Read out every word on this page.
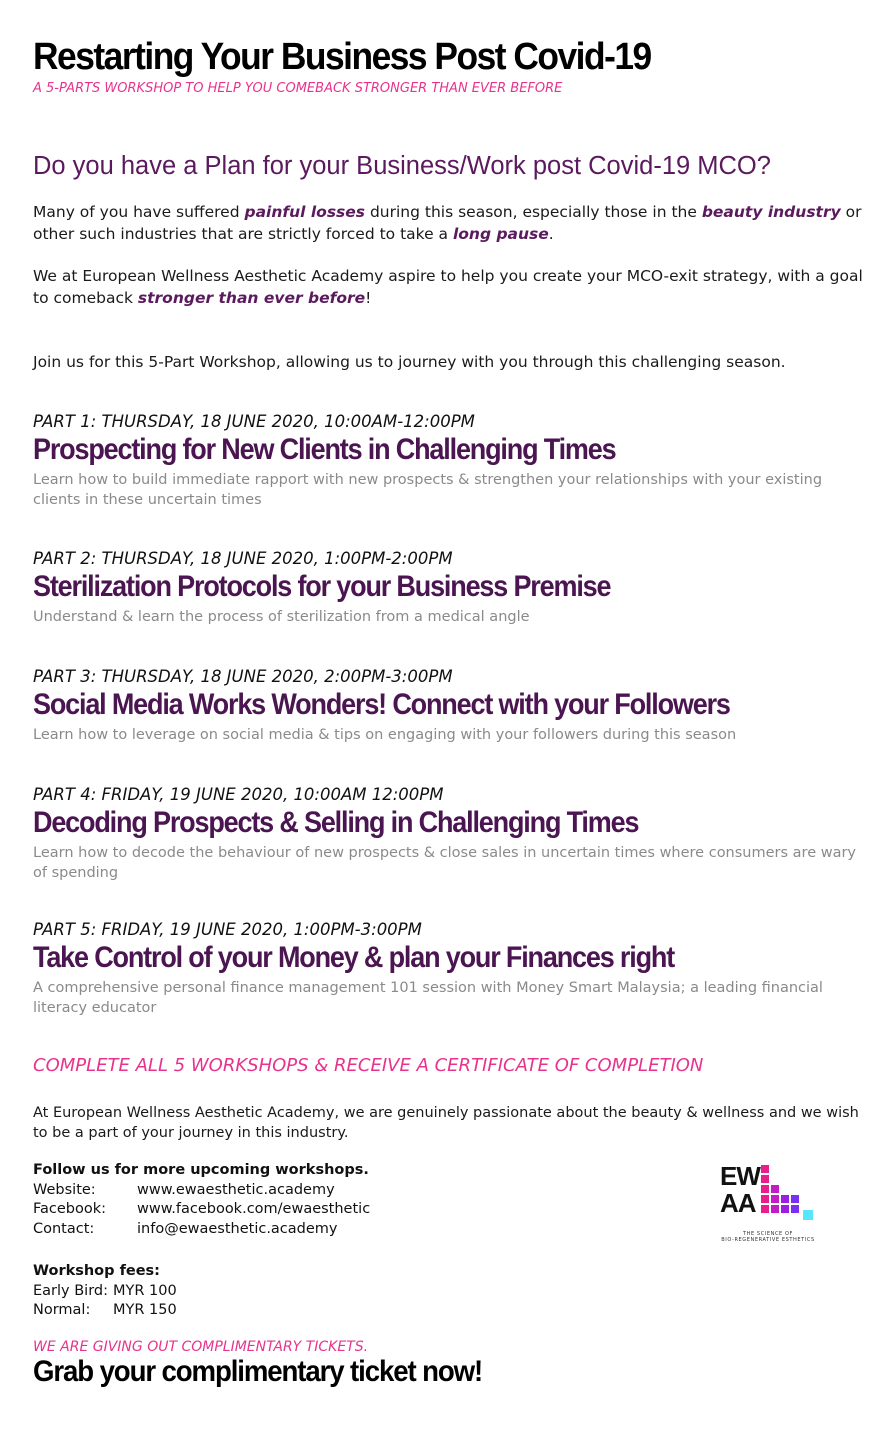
Restarting Your Business Post Covid-19
A 5-PARTS WORKSHOP TO HELP YOU COMEBACK STRONGER THAN EVER BEFORE
Do you have a Plan for your Business/Work post Covid-19 MCO?
Many of you have suffered painful losses during this season, especially those in the beauty industry or other such industries that are strictly forced to take a long pause.
We at European Wellness Aesthetic Academy aspire to help you create your MCO-exit strategy, with a goal to comeback stronger than ever before!
Join us for this 5-Part Workshop, allowing us to journey with you through this challenging season.
PART 1: THURSDAY, 18 JUNE 2020, 10:00AM-12:00PM
Prospecting for New Clients in Challenging Times
Learn how to build immediate rapport with new prospects & strengthen your relationships with your existing clients in these uncertain times
PART 2: THURSDAY, 18 JUNE 2020, 1:00PM-2:00PM
Sterilization Protocols for your Business Premise
Understand & learn the process of sterilization from a medical angle
PART 3: THURSDAY, 18 JUNE 2020, 2:00PM-3:00PM
Social Media Works Wonders! Connect with your Followers
Learn how to leverage on social media & tips on engaging with your followers during this season
PART 4: FRIDAY, 19 JUNE 2020, 10:00AM 12:00PM
Decoding Prospects & Selling in Challenging Times
Learn how to decode the behaviour of new prospects & close sales in uncertain times where consumers are wary of spending
PART 5: FRIDAY, 19 JUNE 2020, 1:00PM-3:00PM
Take Control of your Money & plan your Finances right
A comprehensive personal finance management 101 session with Money Smart Malaysia; a leading financial literacy educator
COMPLETE ALL 5 WORKSHOPS & RECEIVE A CERTIFICATE OF COMPLETION
At European Wellness Aesthetic Academy, we are genuinely passionate about the beauty & wellness and we wish to be a part of your journey in this industry.
Follow us for more upcoming workshops.
Website:	www.ewaesthetic.academy
Facebook:	www.facebook.com/ewaesthetic
Contact:	info@ewaesthetic.academy
Workshop fees:
Early Bird: MYR 100
Normal:	MYR 150
WE ARE GIVING OUT COMPLIMENTARY TICKETS.
Grab your complimentary ticket now!
EW
AA
THE SCIENCE OF
BIO-REGENERATIVE ESTHETICS
